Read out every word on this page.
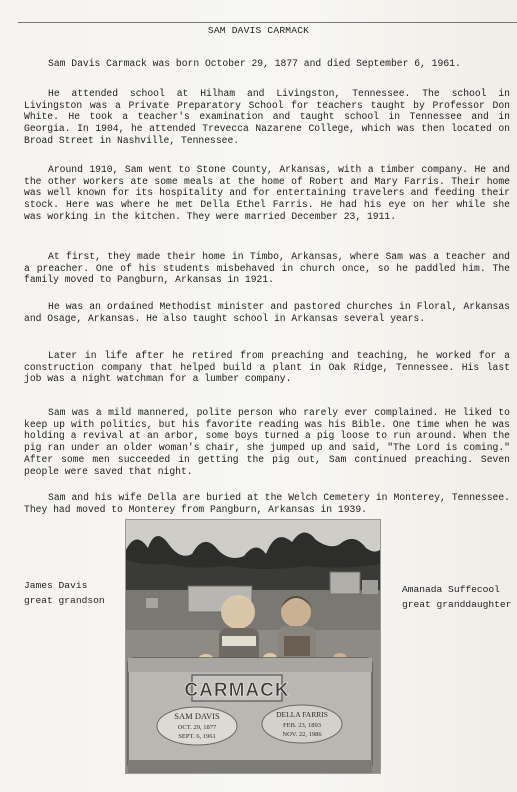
SAM DAVIS CARMACK

Sam Davis Carmack was born October 29, 1877 and died September 6, 1961.

He attended school at Hilham and Livingston, Tennessee. The school in Livingston was a Private Preparatory School for teachers taught by Professor Don White. He took a teacher's examination and taught school in Tennessee and in Georgia. In 1904, he attended Trevecca Nazarene College, which was then located on Broad Street in Nashville, Tennessee.

Around 1910, Sam went to Stone County, Arkansas, with a timber company. He and the other workers ate some meals at the home of Robert and Mary Farris. Their home was well known for its hospitality and for entertaining travelers and feeding their stock. Here was where he met Della Ethel Farris. He had his eye on her while she was working in the kitchen. They were married December 23, 1911.

At first, they made their home in Timbo, Arkansas, where Sam was a teacher and a preacher. One of his students misbehaved in church once, so he paddled him. The family moved to Pangburn, Arkansas in 1921.

He was an ordained Methodist minister and pastored churches in Floral, Arkansas and Osage, Arkansas. He also taught school in Arkansas several years.

Later in life after he retired from preaching and teaching, he worked for a construction company that helped build a plant in Oak Ridge, Tennessee. His last job was a night watchman for a lumber company.

Sam was a mild mannered, polite person who rarely ever complained. He liked to keep up with politics, but his favorite reading was his Bible. One time when he was holding a revival at an arbor, some boys turned a pig loose to run around. When the pig ran under an older woman's chair, she jumped up and said, "The Lord is coming." After some men succeeded in getting the pig out, Sam continued preaching. Seven people were saved that night.

Sam and his wife Della are buried at the Welch Cemetery in Monterey, Tennessee. They had moved to Monterey from Pangburn, Arkansas in 1939.

James Davis
great grandson
Amanada Suffecool
great granddaughter
CARMACK
SAM DAVIS
OCT. 29, 1877
SEPT. 6, 1961
DELLA FARRIS
FEB. 23, 1893
NOV. 22, 1986
